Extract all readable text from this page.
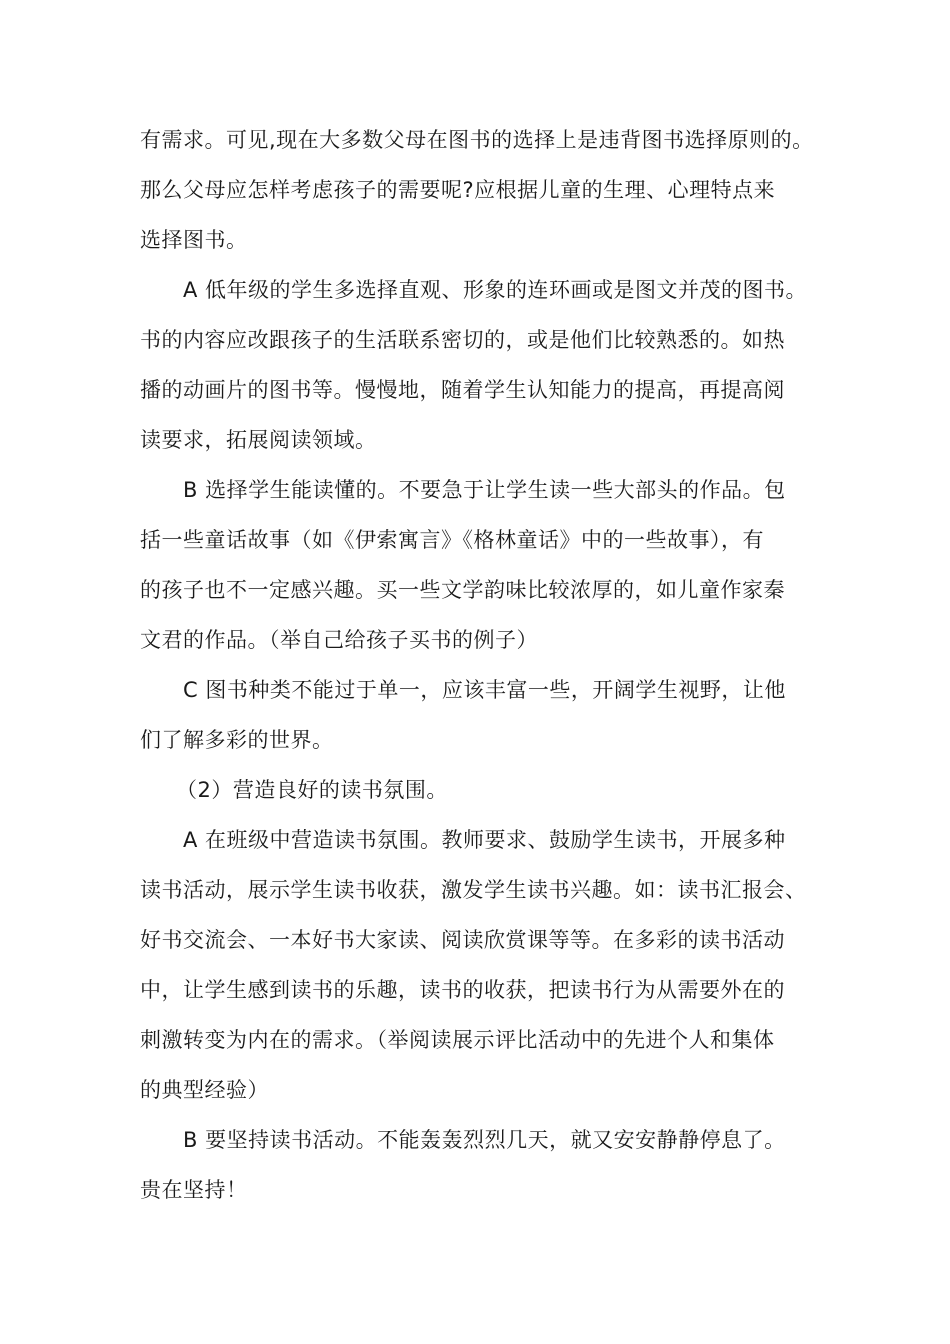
有需求。可见,现在大多数父母在图书的选择上是违背图书选择原则的。
那么父母应怎样考虑孩子的需要呢?应根据儿童的生理、心理特点来
选择图书。
A 低年级的学生多选择直观、形象的连环画或是图文并茂的图书。
书的内容应改跟孩子的生活联系密切的，或是他们比较熟悉的。如热
播的动画片的图书等。慢慢地，随着学生认知能力的提高，再提高阅
读要求，拓展阅读领域。
B 选择学生能读懂的。不要急于让学生读一些大部头的作品。包
括一些童话故事（如《伊索寓言》《格林童话》中的一些故事），有
的孩子也不一定感兴趣。买一些文学韵味比较浓厚的，如儿童作家秦
文君的作品。（举自己给孩子买书的例子）
C 图书种类不能过于单一，应该丰富一些，开阔学生视野，让他
们了解多彩的世界。
（2）营造良好的读书氛围。
A 在班级中营造读书氛围。教师要求、鼓励学生读书，开展多种
读书活动，展示学生读书收获，激发学生读书兴趣。如：读书汇报会、
好书交流会、一本好书大家读、阅读欣赏课等等。在多彩的读书活动
中，让学生感到读书的乐趣，读书的收获，把读书行为从需要外在的
刺激转变为内在的需求。（举阅读展示评比活动中的先进个人和集体
的典型经验）
B 要坚持读书活动。不能轰轰烈烈几天，就又安安静静停息了。
贵在坚持！
